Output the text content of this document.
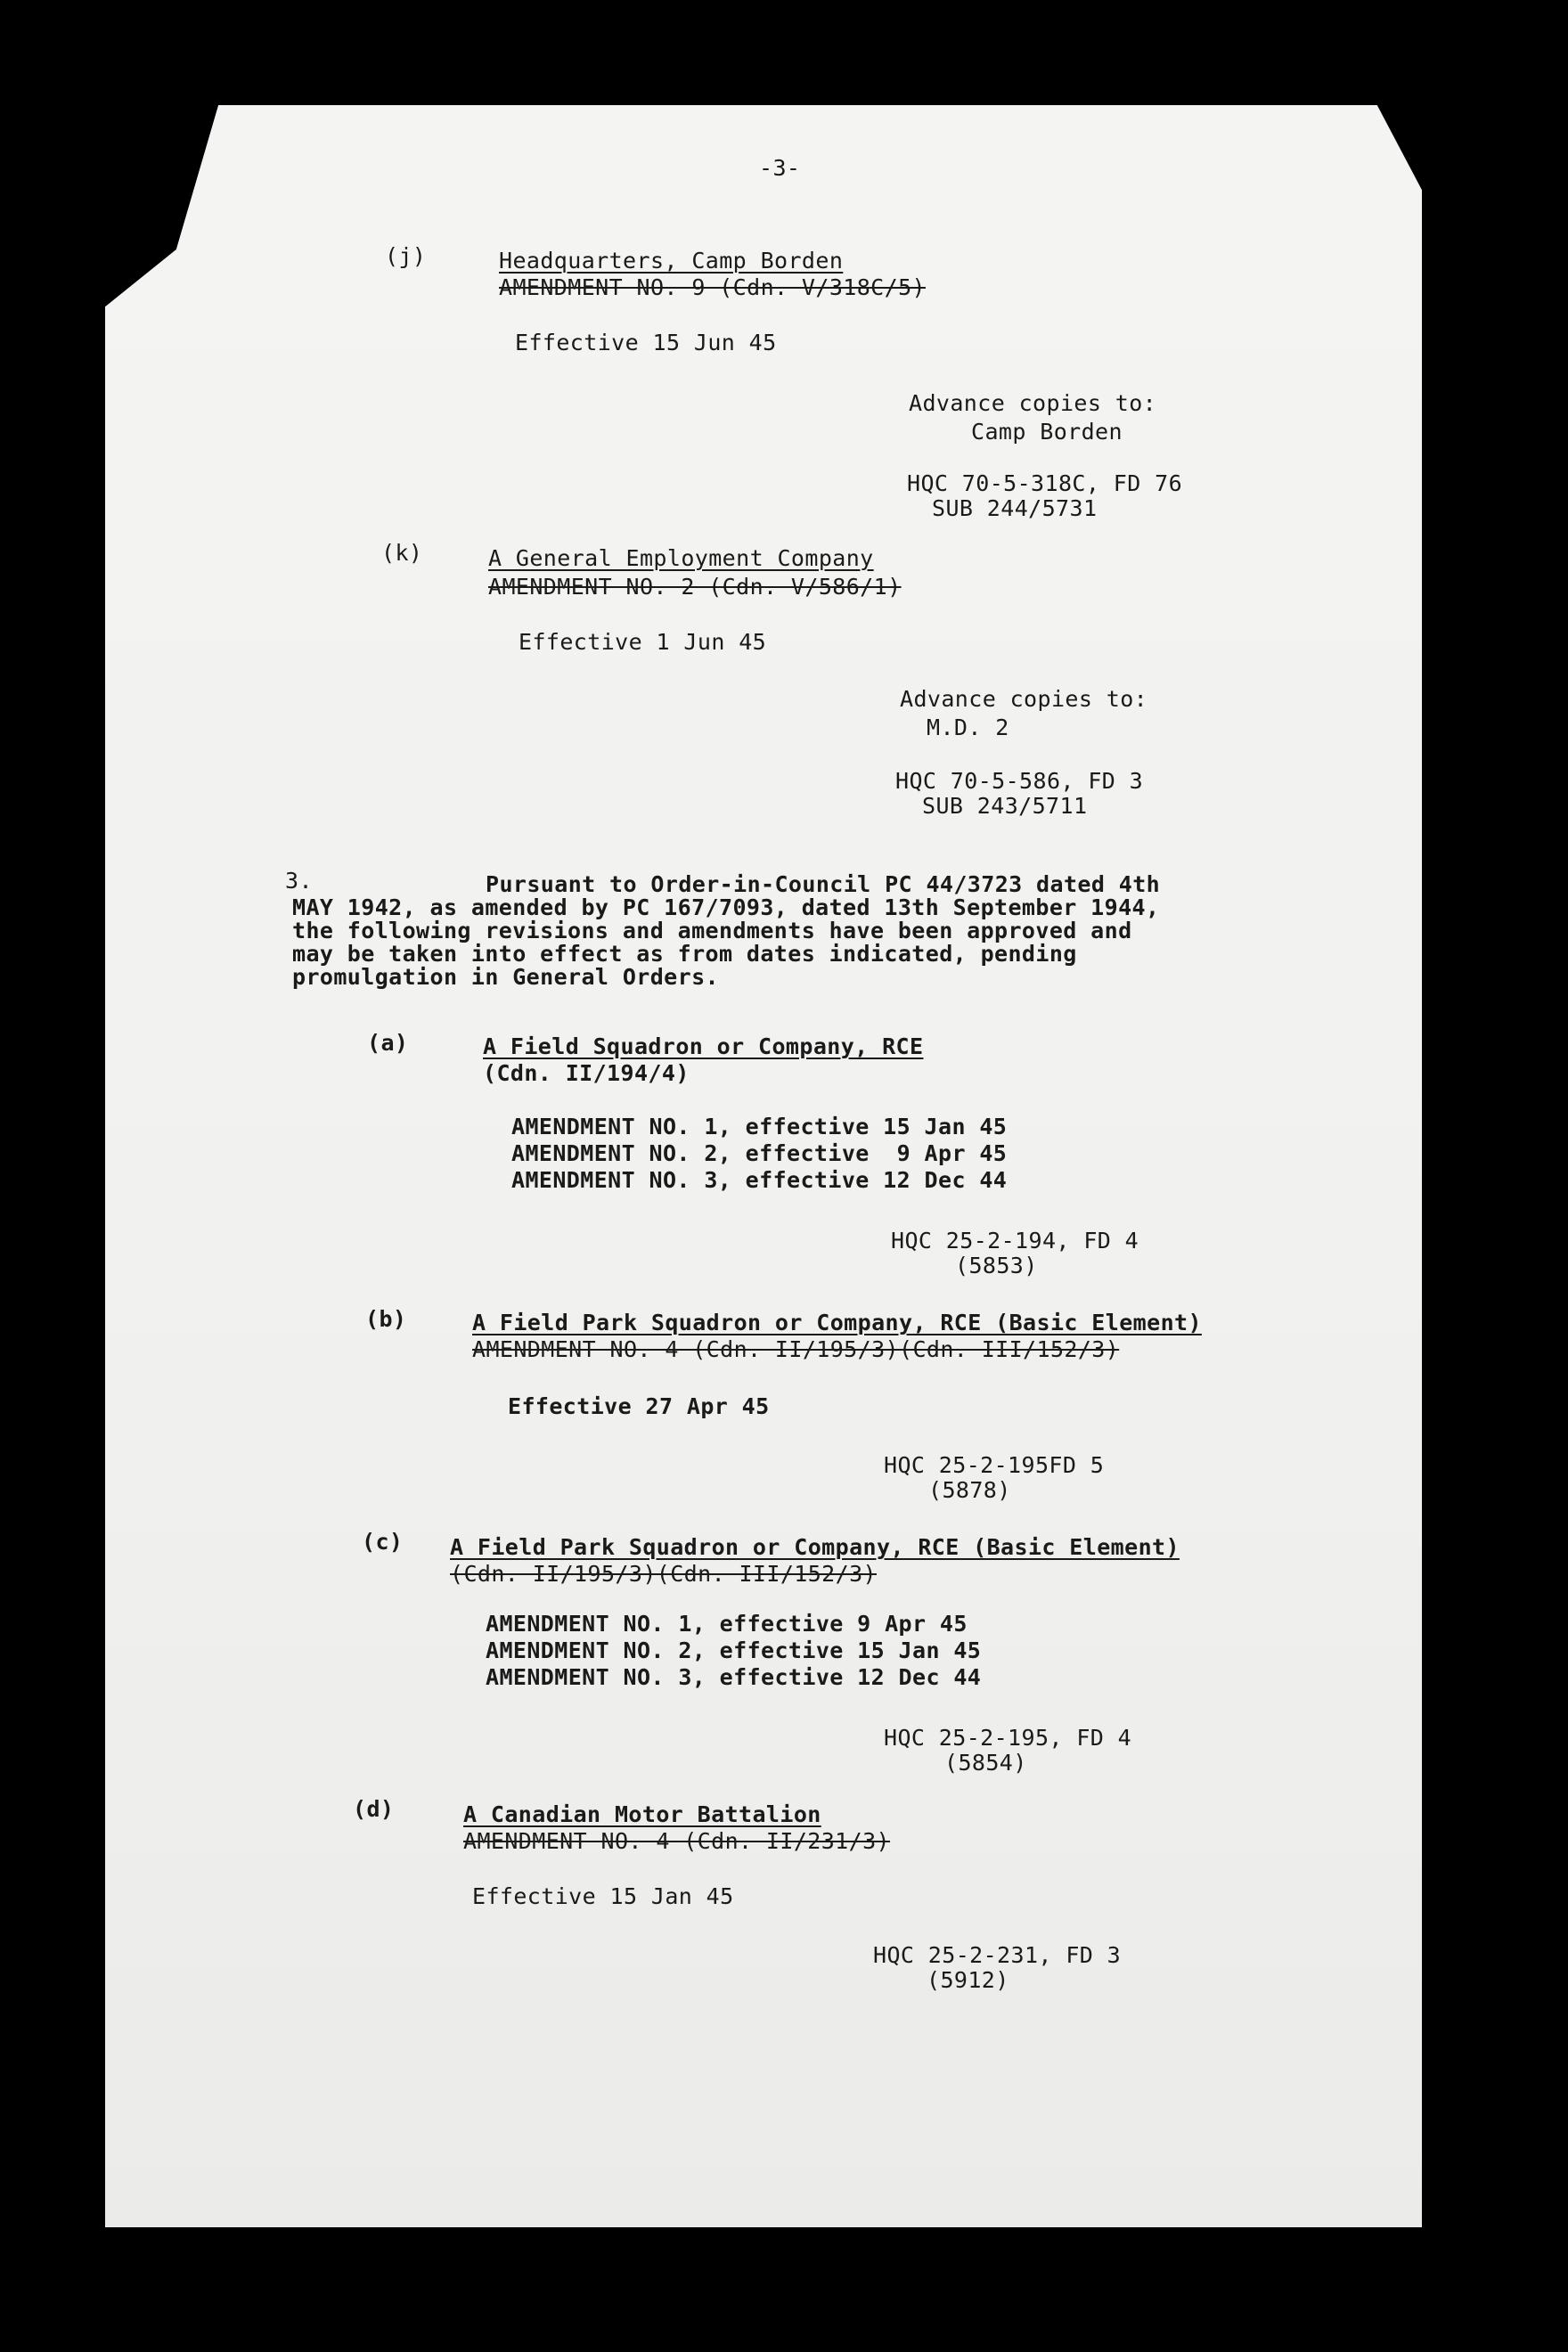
-3-
(j)	Headquarters, Camp Borden
AMENDMENT NO. 9 (Cdn. V/318C/5)
Effective 15 Jun 45
Advance copies to:
Camp Borden
HQC 70-5-318C, FD 76
SUB 244/5731
(k)	A General Employment Company
AMENDMENT NO. 2 (Cdn. V/586/1)
Effective 1 Jun 45
Advance copies to:
M.D. 2
HQC 70-5-586, FD 3
SUB 243/5711
3.	Pursuant to Order-in-Council PC 44/3723 dated 4th
MAY 1942, as amended by PC 167/7093, dated 13th September 1944,
the following revisions and amendments have been approved and
may be taken into effect as from dates indicated, pending
promulgation in General Orders.
(a)	A Field Squadron or Company, RCE
(Cdn. II/194/4)
AMENDMENT NO. 1, effective 15 Jan 45
AMENDMENT NO. 2, effective  9 Apr 45
AMENDMENT NO. 3, effective 12 Dec 44
HQC 25-2-194, FD 4
(5853)
(b)	A Field Park Squadron or Company, RCE (Basic Element)
AMENDMENT NO. 4 (Cdn. II/195/3)(Cdn. III/152/3)
Effective 27 Apr 45
HQC 25-2-195FD 5
(5878)
(c) A Field Park Squadron or Company, RCE (Basic Element)
(Cdn. II/195/3)(Cdn. III/152/3)
AMENDMENT NO. 1, effective 9 Apr 45
AMENDMENT NO. 2, effective 15 Jan 45
AMENDMENT NO. 3, effective 12 Dec 44
HQC 25-2-195, FD 4
(5854)
(d)	A Canadian Motor Battalion
AMENDMENT NO. 4 (Cdn. II/231/3)
Effective 15 Jan 45
HQC 25-2-231, FD 3
(5912)
